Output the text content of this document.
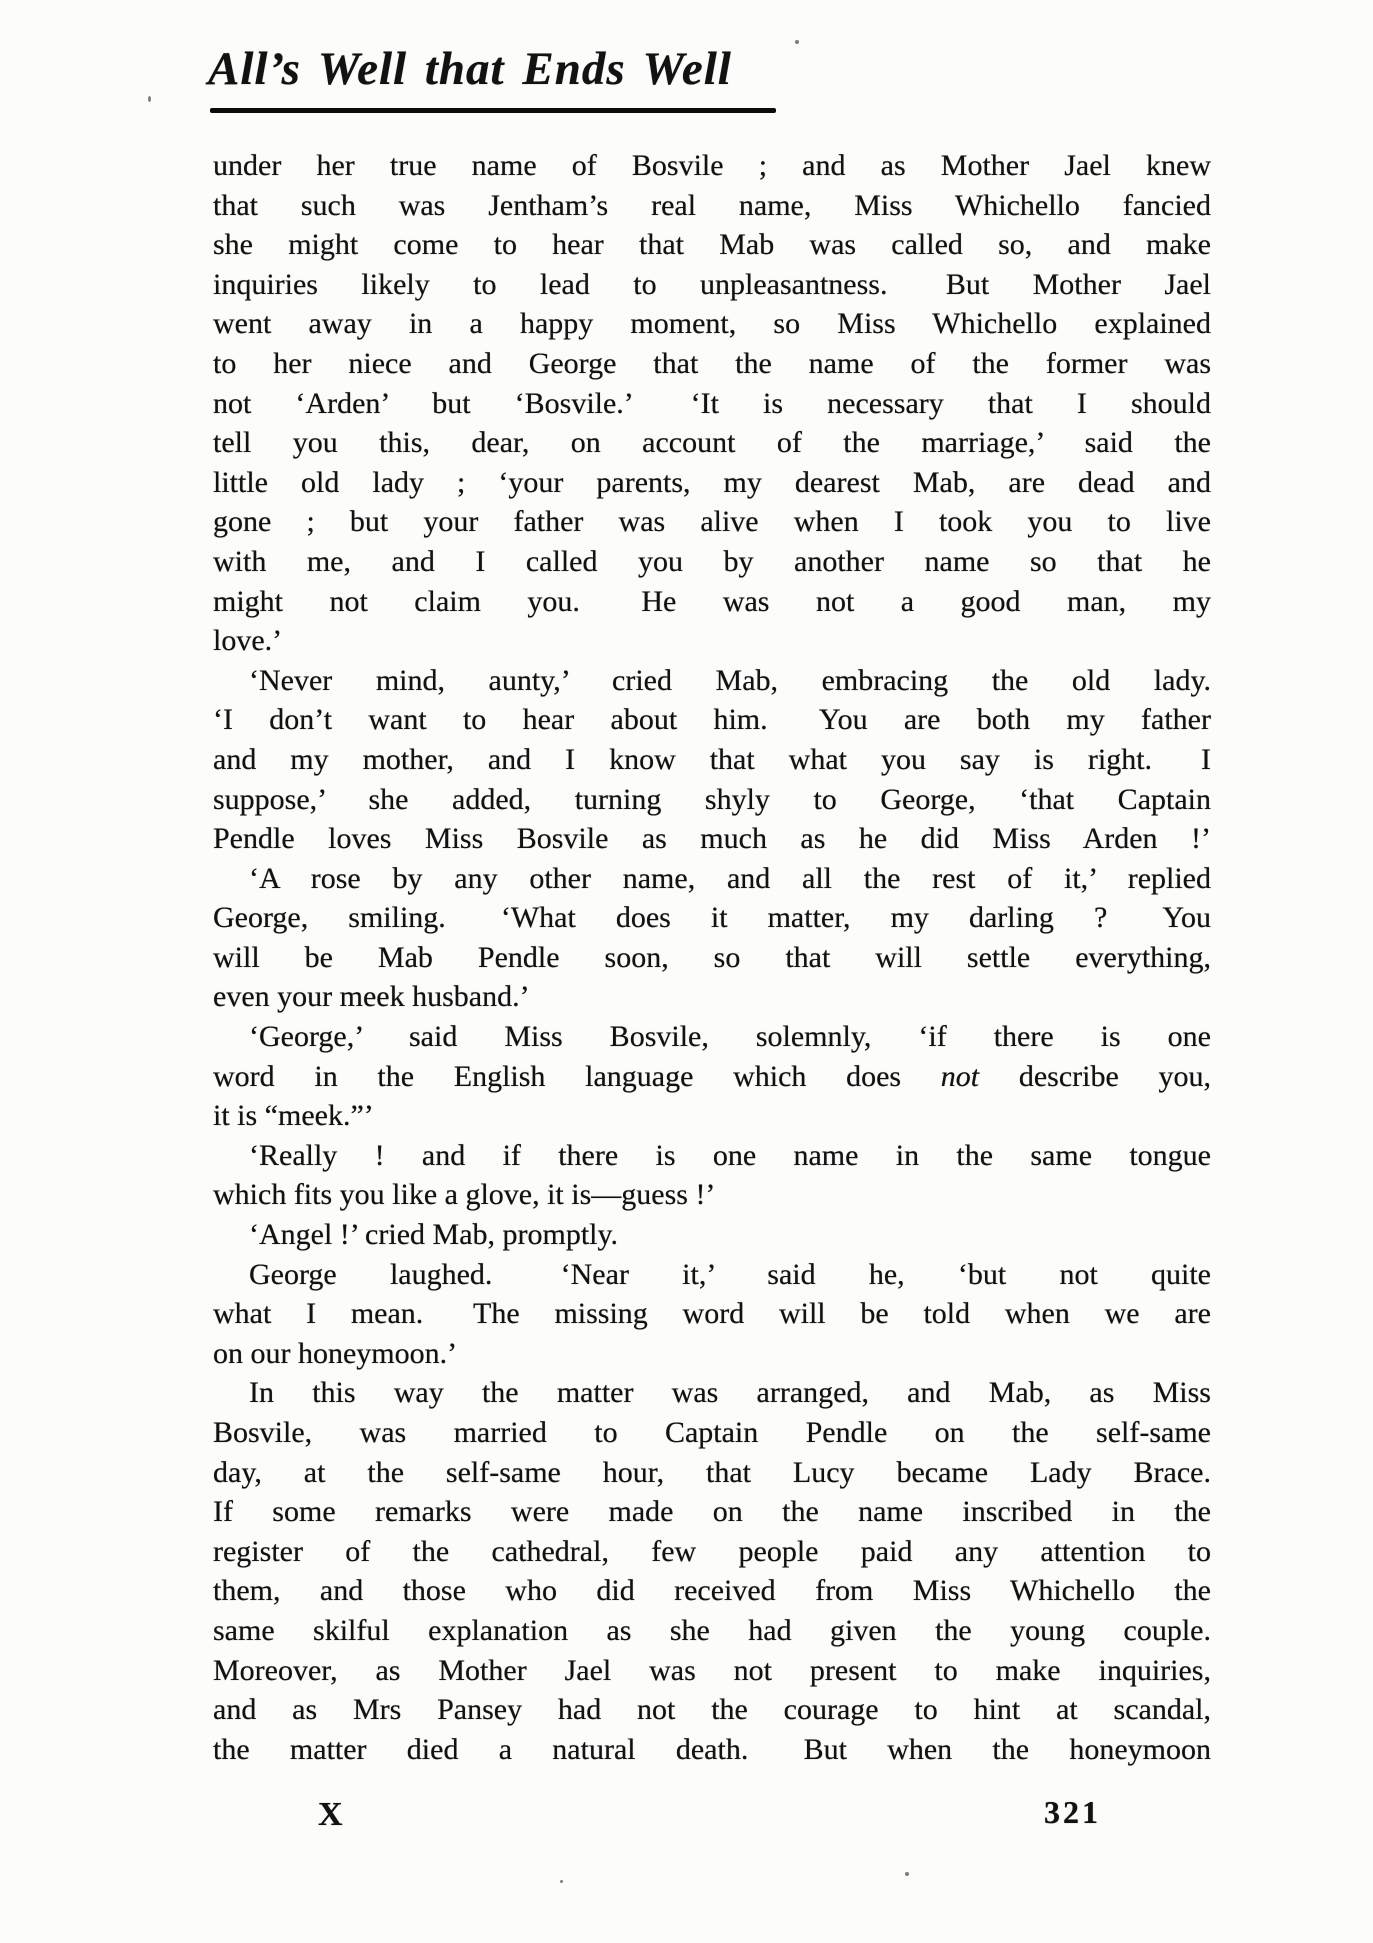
All’s Well that Ends Well
under her true name of Bosvile ; and as Mother Jael knew
that such was Jentham’s real name, Miss Whichello fancied
she might come to hear that Mab was called so, and make
inquiries likely to lead to unpleasantness.  But Mother Jael
went away in a happy moment, so Miss Whichello explained
to her niece and George that the name of the former was
not ‘Arden’ but ‘Bosvile.’  ‘It is necessary that I should
tell you this, dear, on account of the marriage,’ said the
little old lady ; ‘your parents, my dearest Mab, are dead and
gone ; but your father was alive when I took you to live
with me, and I called you by another name so that he
might not claim you.  He was not a good man, my
love.’
‘Never mind, aunty,’ cried Mab, embracing the old lady.
‘I don’t want to hear about him.  You are both my father
and my mother, and I know that what you say is right.  I
suppose,’ she added, turning shyly to George, ‘that Captain
Pendle loves Miss Bosvile as much as he did Miss Arden !’
‘A rose by any other name, and all the rest of it,’ replied
George, smiling.  ‘What does it matter, my darling ?  You
will be Mab Pendle soon, so that will settle everything,
even your meek husband.’
‘George,’ said Miss Bosvile, solemnly, ‘if there is one
word in the English language which does not describe you,
it is “meek.”’
‘Really ! and if there is one name in the same tongue
which fits you like a glove, it is—guess !’
‘Angel !’ cried Mab, promptly.
George laughed.  ‘Near it,’ said he, ‘but not quite
what I mean.  The missing word will be told when we are
on our honeymoon.’
In this way the matter was arranged, and Mab, as Miss
Bosvile, was married to Captain Pendle on the self-same
day, at the self-same hour, that Lucy became Lady Brace.
If some remarks were made on the name inscribed in the
register of the cathedral, few people paid any attention to
them, and those who did received from Miss Whichello the
same skilful explanation as she had given the young couple.
Moreover, as Mother Jael was not present to make inquiries,
and as Mrs Pansey had not the courage to hint at scandal,
the matter died a natural death.  But when the honeymoon
X	321
